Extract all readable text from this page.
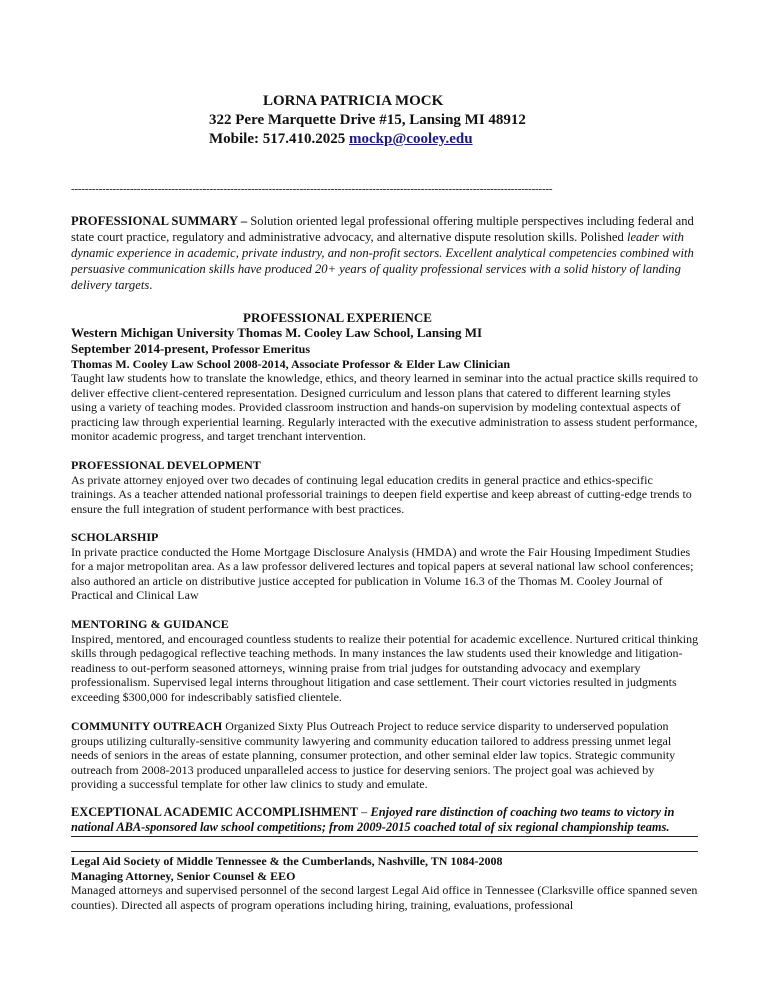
LORNA PATRICIA MOCK
322 Pere Marquette Drive #15, Lansing MI 48912
Mobile: 517.410.2025 mockp@cooley.edu
-------------------------------------------------------------------------------------------------------------------------------------------
PROFESSIONAL SUMMARY – Solution oriented legal professional offering multiple perspectives including federal and state court practice, regulatory and administrative advocacy, and alternative dispute resolution skills. Polished leader with dynamic experience in academic, private industry, and non-profit sectors. Excellent analytical competencies combined with persuasive communication skills have produced 20+ years of quality professional services with a solid history of landing delivery targets.
PROFESSIONAL EXPERIENCE

Western Michigan University Thomas M. Cooley Law School, Lansing MI

September 2014-present, Professor Emeritus

Thomas M. Cooley Law School 2008-2014, Associate Professor & Elder Law Clinician
Taught law students how to translate the knowledge, ethics, and theory learned in seminar into the actual practice skills required to deliver effective client-centered representation. Designed curriculum and lesson plans that catered to different learning styles using a variety of teaching modes. Provided classroom instruction and hands-on supervision by modeling contextual aspects of practicing law through experiential learning. Regularly interacted with the executive administration to assess student performance, monitor academic progress, and target trenchant intervention.

PROFESSIONAL DEVELOPMENT

As private attorney enjoyed over two decades of continuing legal education credits in general practice and ethics-specific trainings. As a teacher attended national professorial trainings to deepen field expertise and keep abreast of cutting-edge trends to ensure the full integration of student performance with best practices.

SCHOLARSHIP

In private practice conducted the Home Mortgage Disclosure Analysis (HMDA) and wrote the Fair Housing Impediment Studies for a major metropolitan area. As a law professor delivered lectures and topical papers at several national law school conferences; also authored an article on distributive justice accepted for publication in Volume 16.3 of the Thomas M. Cooley Journal of Practical and Clinical Law

MENTORING & GUIDANCE

Inspired, mentored, and encouraged countless students to realize their potential for academic excellence. Nurtured critical thinking skills through pedagogical reflective teaching methods. In many instances the law students used their knowledge and litigation-readiness to out-perform seasoned attorneys, winning praise from trial judges for outstanding advocacy and exemplary professionalism. Supervised legal interns throughout litigation and case settlement. Their court victories resulted in judgments exceeding $300,000 for indescribably satisfied clientele.

COMMUNITY OUTREACH Organized Sixty Plus Outreach Project to reduce service disparity to underserved population groups utilizing culturally-sensitive community lawyering and community education tailored to address pressing unmet legal needs of seniors in the areas of estate planning, consumer protection, and other seminal elder law topics. Strategic community outreach from 2008-2013 produced unparalleled access to justice for deserving seniors. The project goal was achieved by providing a successful template for other law clinics to study and emulate.
EXCEPTIONAL ACADEMIC ACCOMPLISHMENT – Enjoyed rare distinction of coaching two teams to victory in national ABA-sponsored law school competitions; from 2009-2015 coached total of six regional championship teams.

Legal Aid Society of Middle Tennessee & the Cumberlands, Nashville, TN 1084-2008

Managing Attorney, Senior Counsel & EEO

Managed attorneys and supervised personnel of the second largest Legal Aid office in Tennessee (Clarksville office spanned seven counties). Directed all aspects of program operations including hiring, training, evaluations, professional
